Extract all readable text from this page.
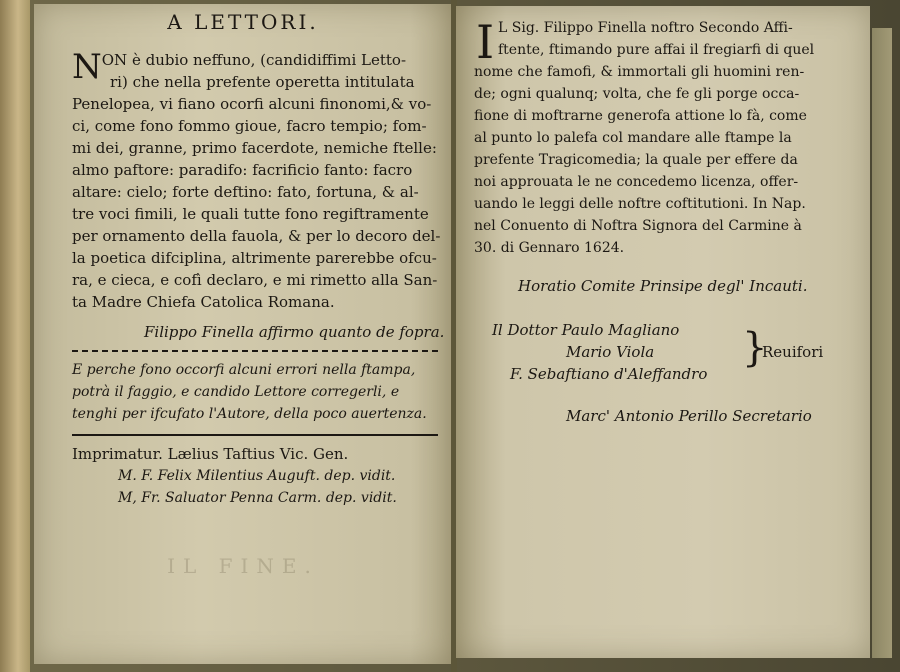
A LETTORI.
NON è dubio neffuno, (candidiffimi Letto-
ri) che nella prefente operetta intitulata
Penelopea, vi fiano ocorfi alcuni finonomi,& vo-
ci, come fono fommo gioue, facro tempio; fom-
mi dei, granne, primo facerdote, nemiche ftelle:
almo paftore: paradifo: facrificio fanto: facro
altare: cielo; forte deftino: fato, fortuna, & al-
tre voci fimili, le quali tutte fono regiftramente
per ornamento della fauola, & per lo decoro del-
la poetica difciplina, altrimente parerebbe ofcu-
ra, e cieca, e cofì declaro, e mi rimetto alla San-
ta Madre Chiefa Catolica Romana.
Filippo Finella affirmo quanto de fopra.
E perche fono occorfi alcuni errori nella ftampa,
potrà il faggio, e candido Lettore corregerli, e
tenghi per ifcufato l'Autore, della poco auertenza.
Imprimatur. Lælius Taftius Vic. Gen.
M. F. Felix Milentius Auguft. dep. vidit.
M, Fr. Saluator Penna Carm. dep. vidit.
IL FINE.
I L Sig. Filippo Finella noftro Secondo Affi-
ftente, ftimando pure affai il fregiarfi di quel
nome che famofi, & immortali gli huomini ren-
de; ogni qualunq; volta, che fe gli porge occa-
fione di moftrarne generofa attione lo fà, come
al punto lo palefa col mandare alle ftampe la
prefente Tragicomedia; la quale per effere da
noi approuata le ne concedemo licenza, offer-
uando le leggi delle noftre coftitutioni. In Nap.
nel Conuento di Noftra Signora del Carmine à
30. di Gennaro 1624.
Horatio Comite Prinsipe degl' Incauti.
Il Dottor Paulo Magliano
Mario Viola
F. Sebaftiano d'Aleffandro
}
Reuifori
Marc' Antonio Perillo Secretario
